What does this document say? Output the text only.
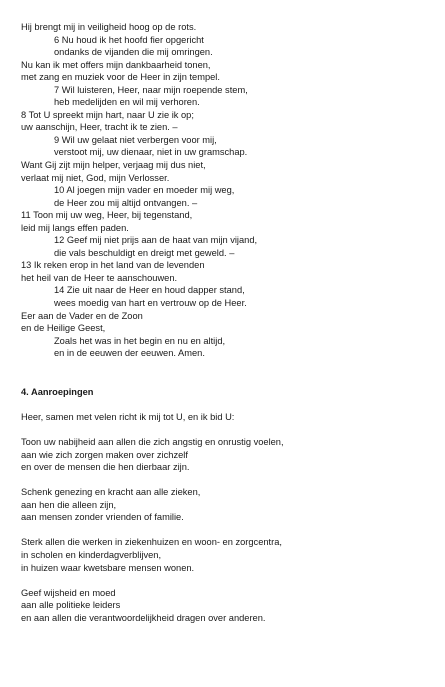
Hij brengt mij in veiligheid hoog op de rots.
6 Nu houd ik het hoofd fier opgericht
ondanks de vijanden die mij omringen.
Nu kan ik met offers mijn dankbaarheid tonen,
met zang en muziek voor de Heer in zijn tempel.
7 Wil luisteren, Heer, naar mijn roepende stem,
heb medelijden en wil mij verhoren.
8 Tot U spreekt mijn hart, naar U zie ik op;
uw aanschijn, Heer, tracht ik te zien. –
9 Wil uw gelaat niet verbergen voor mij,
verstoot mij, uw dienaar, niet in uw gramschap.
Want Gij zijt mijn helper, verjaag mij dus niet,
verlaat mij niet, God, mijn Verlosser.
10 Al joegen mijn vader en moeder mij weg,
de Heer zou mij altijd ontvangen. –
11 Toon mij uw weg, Heer, bij tegenstand,
leid mij langs effen paden.
12 Geef mij niet prijs aan de haat van mijn vijand,
die vals beschuldigt en dreigt met geweld. –
13 Ik reken erop in het land van de levenden
het heil van de Heer te aanschouwen.
14 Zie uit naar de Heer en houd dapper stand,
wees moedig van hart en vertrouw op de Heer.
Eer aan de Vader en de Zoon
en de Heilige Geest,
Zoals het was in het begin en nu en altijd,
en in de eeuwen der eeuwen. Amen.
4. Aanroepingen
Heer, samen met velen richt ik mij tot U, en ik bid U:
Toon uw nabijheid aan allen die zich angstig en onrustig voelen,
aan wie zich zorgen maken over zichzelf
en over de mensen die hen dierbaar zijn.
Schenk genezing en kracht aan alle zieken,
aan hen die alleen zijn,
aan mensen zonder vrienden of familie.
Sterk allen die werken in ziekenhuizen en woon- en zorgcentra,
in scholen en kinderdagverblijven,
in huizen waar kwetsbare mensen wonen.
Geef wijsheid en moed
aan alle politieke leiders
en aan allen die verantwoordelijkheid dragen over anderen.
